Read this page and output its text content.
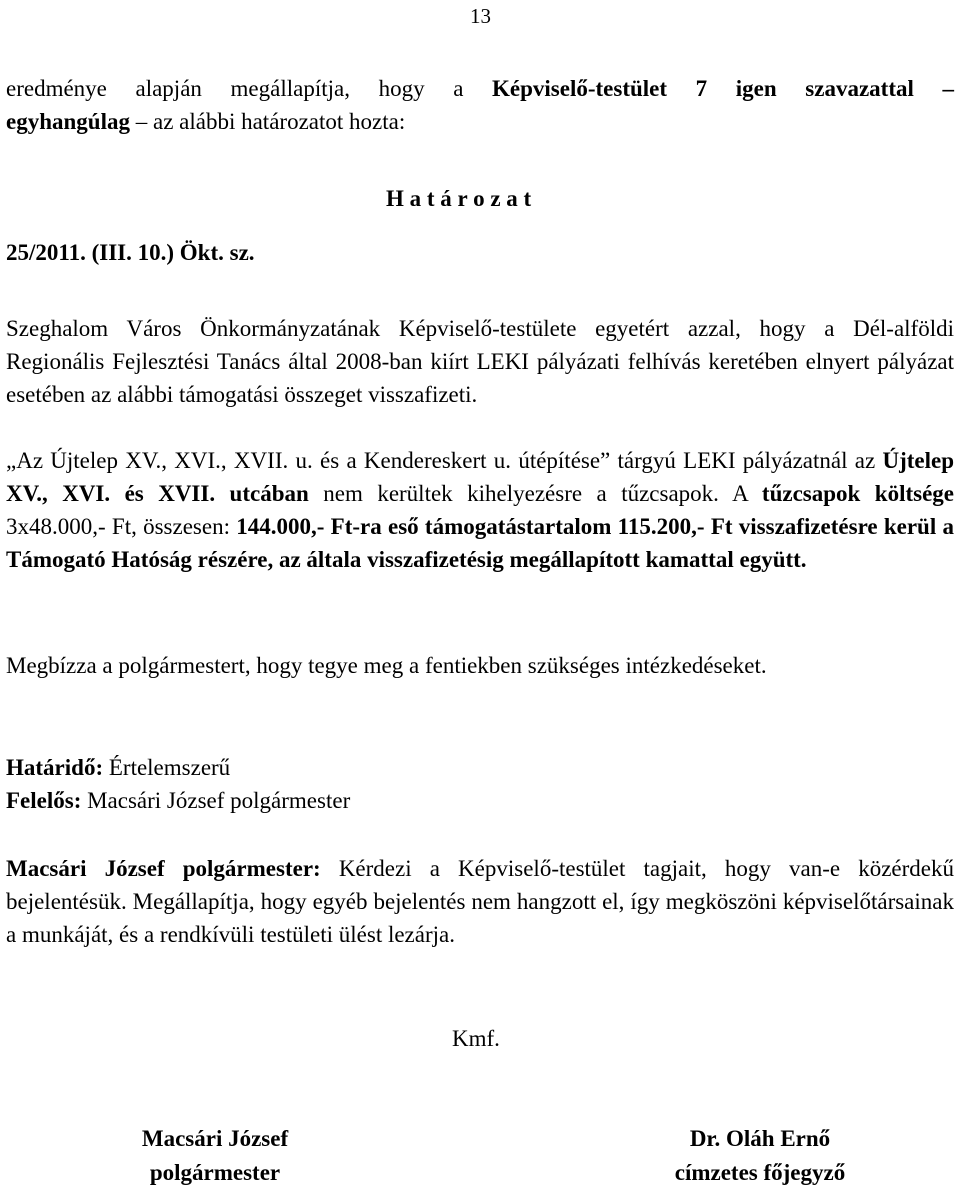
13
eredménye alapján megállapítja, hogy a Képviselő-testület 7 igen szavazattal –
egyhangúlag – az alábbi határozatot hozta:
H a t á r o z a t
25/2011. (III. 10.) Ökt. sz.
Szeghalom Város Önkormányzatának Képviselő-testülete egyetért azzal, hogy a Dél-alföldi Regionális Fejlesztési Tanács által 2008-ban kiírt LEKI pályázati felhívás keretében elnyert pályázat esetében az alábbi támogatási összeget visszafizeti.
„Az Újtelep XV., XVI., XVII. u. és a Kendereskert u. útépítése” tárgyú LEKI pályázatnál az Újtelep XV., XVI. és XVII. utcában nem kerültek kihelyezésre a tűzcsapok. A tűzcsapok költsége 3x48.000,- Ft, összesen: 144.000,- Ft-ra eső támogatástartalom 115.200,- Ft visszafizetésre kerül a Támogató Hatóság részére, az általa visszafizetésig megállapított kamattal együtt.
Megbízza a polgármestert, hogy tegye meg a fentiekben szükséges intézkedéseket.
Határidő: Értelemszerű
Felelős: Macsári József polgármester
Macsári József polgármester: Kérdezi a Képviselő-testület tagjait, hogy van-e közérdekű bejelentésük. Megállapítja, hogy egyéb bejelentés nem hangzott el, így megköszöni képviselőtársainak a munkáját, és a rendkívüli testületi ülést lezárja.
Kmf.
Macsári József
polgármester
Dr. Oláh Ernő
címzetes főjegyző
